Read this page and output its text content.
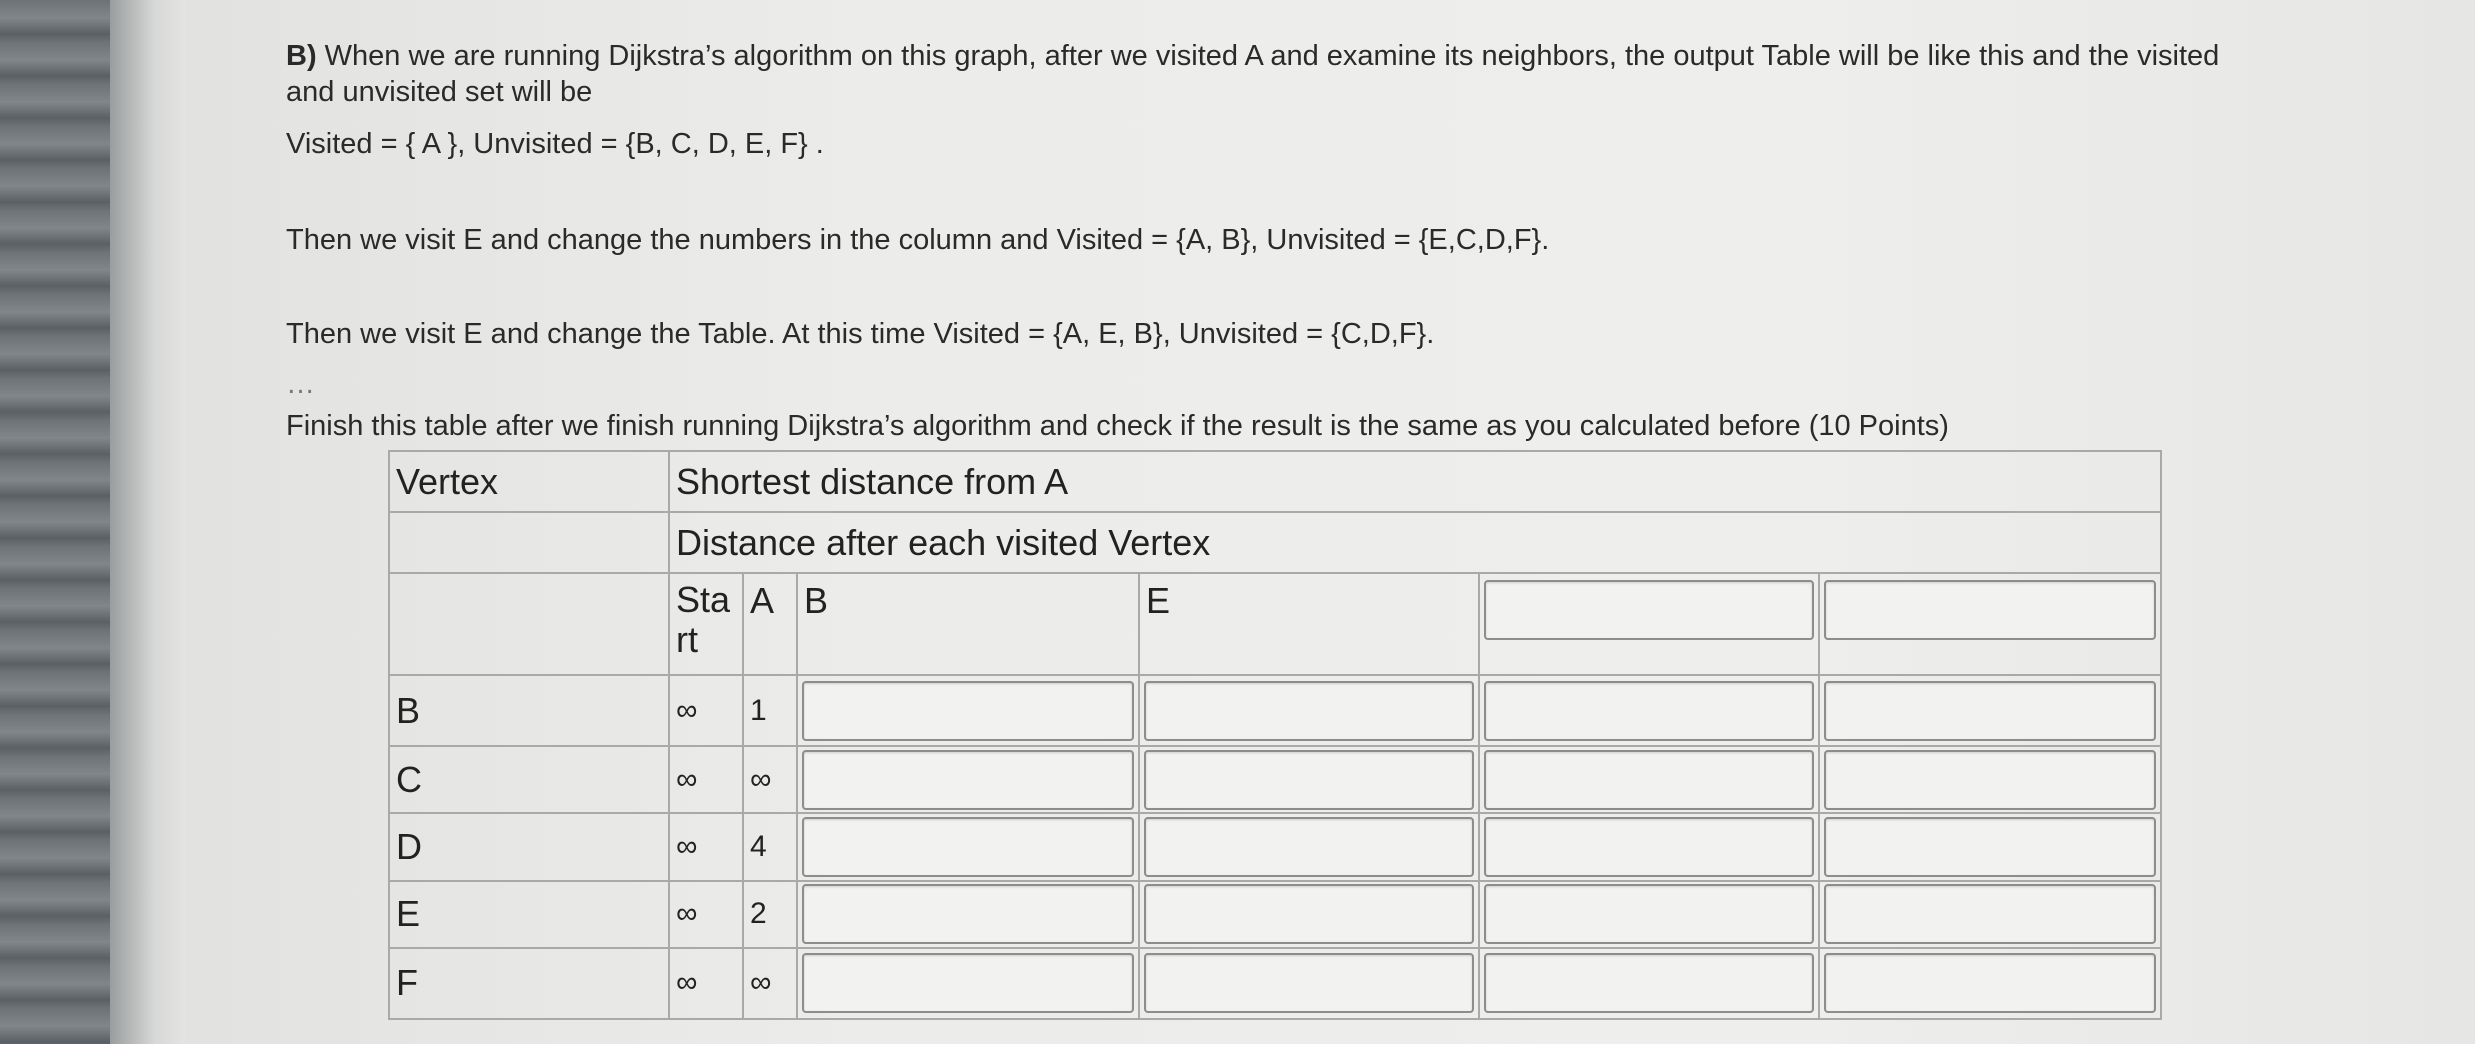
B) When we are running Dijkstra’s algorithm on this graph, after we visited A and examine its neighbors, the output Table will be like this and the visited and unvisited set will be

Visited = { A }, Unvisited = {B, C, D, E, F} .
Then we visit E and change the numbers in the column and Visited = {A, B}, Unvisited = {E,C,D,F}.
Then we visit E and change the Table. At this time Visited = {A, E, B}, Unvisited = {C,D,F}.
…
Finish this table after we finish running Dijkstra’s algorithm and check if the result is the same as you calculated before (10 Points)
Vertex	Shortest distance from A					
	Distance after each visited Vertex					
	Start	A	B	E	

B	∞	1	

C	∞	∞	

D	∞	4	

E	∞	2	

F	∞	∞	
